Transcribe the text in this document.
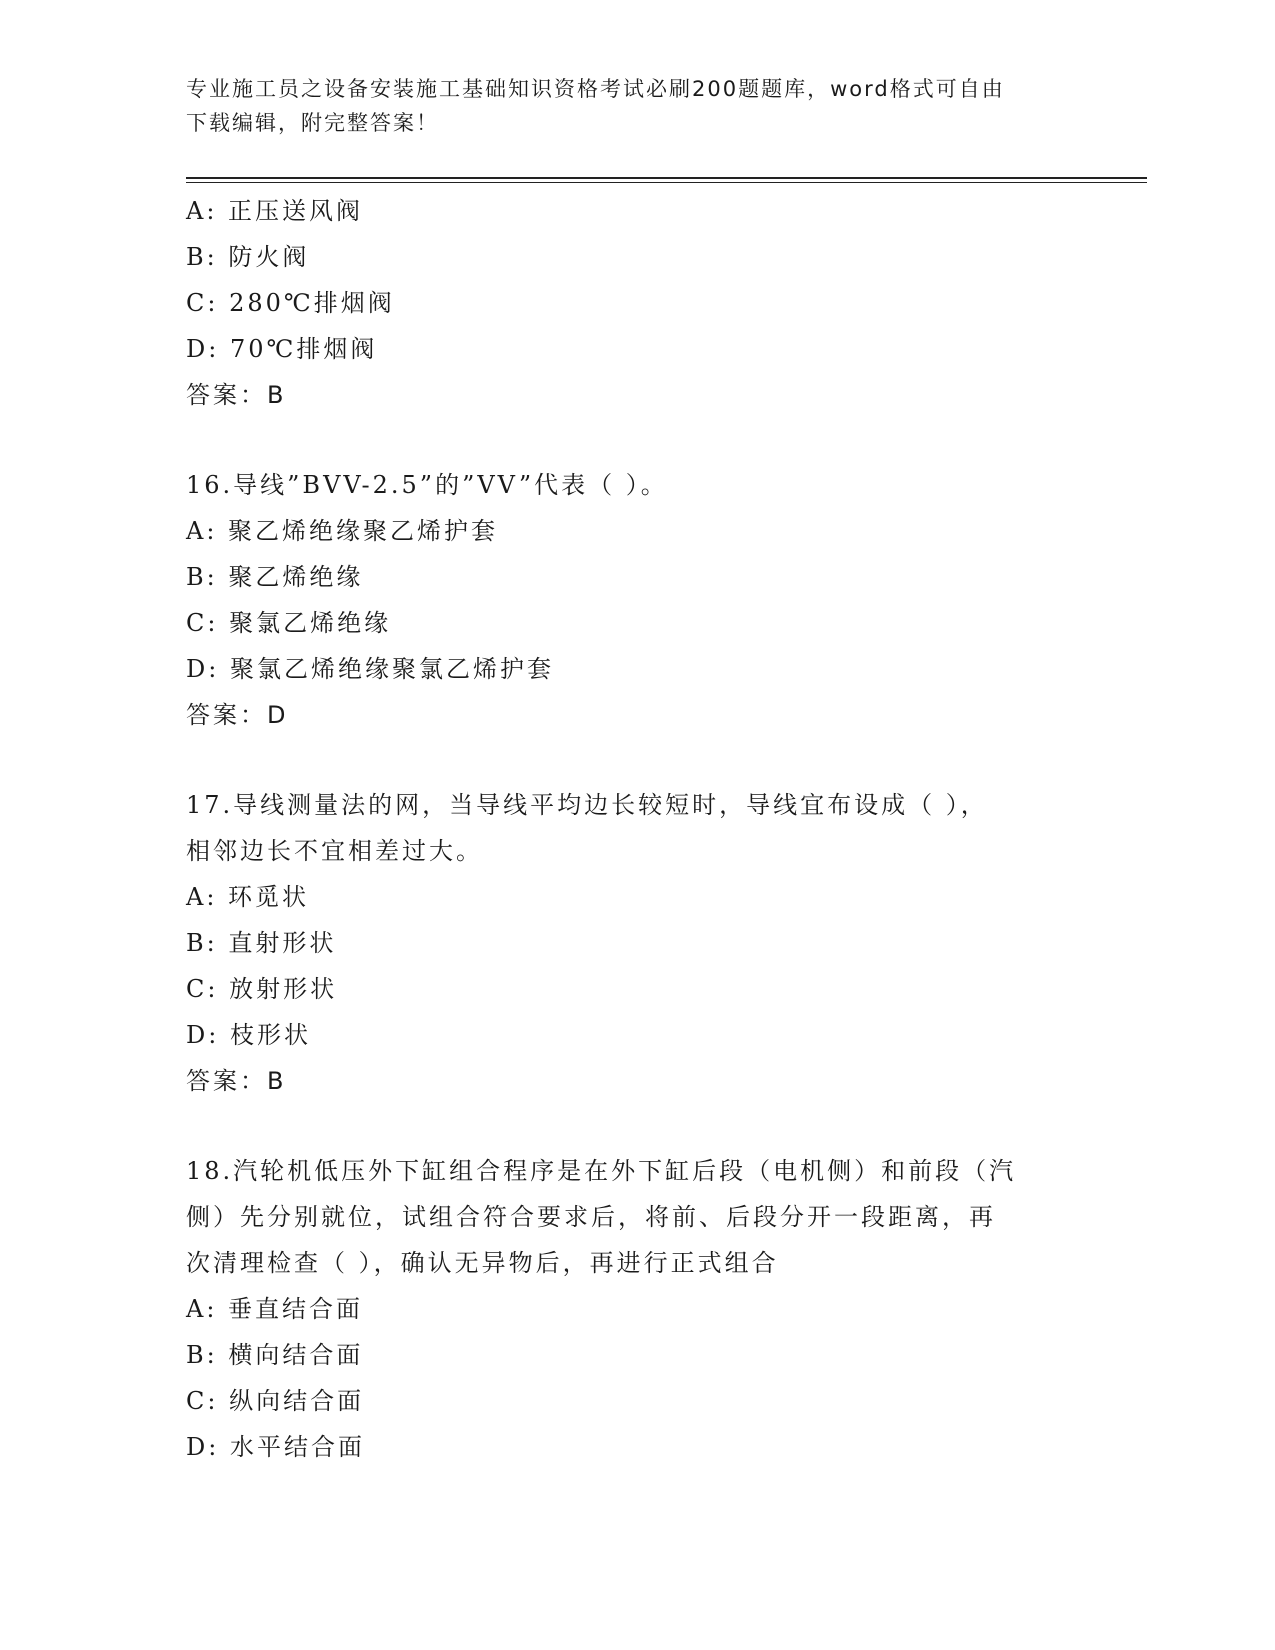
专业施工员之设备安装施工基础知识资格考试必刷200题题库，word格式可自由
下载编辑，附完整答案！
A: 正压送风阀
B: 防火阀
C: 280℃排烟阀
D: 70℃排烟阀
答案：B
16.导线”BVV-2.5”的”VV”代表（ ）。
A: 聚乙烯绝缘聚乙烯护套
B: 聚乙烯绝缘
C: 聚氯乙烯绝缘
D: 聚氯乙烯绝缘聚氯乙烯护套
答案：D
17.导线测量法的网，当导线平均边长较短时，导线宜布设成（ ），
相邻边长不宜相差过大。
A: 环觅状
B: 直射形状
C: 放射形状
D: 枝形状
答案：B
18.汽轮机低压外下缸组合程序是在外下缸后段（电机侧）和前段（汽
侧）先分别就位，试组合符合要求后，将前、后段分开一段距离，再
次清理检查（ ），确认无异物后，再进行正式组合
A: 垂直结合面
B: 横向结合面
C: 纵向结合面
D: 水平结合面
